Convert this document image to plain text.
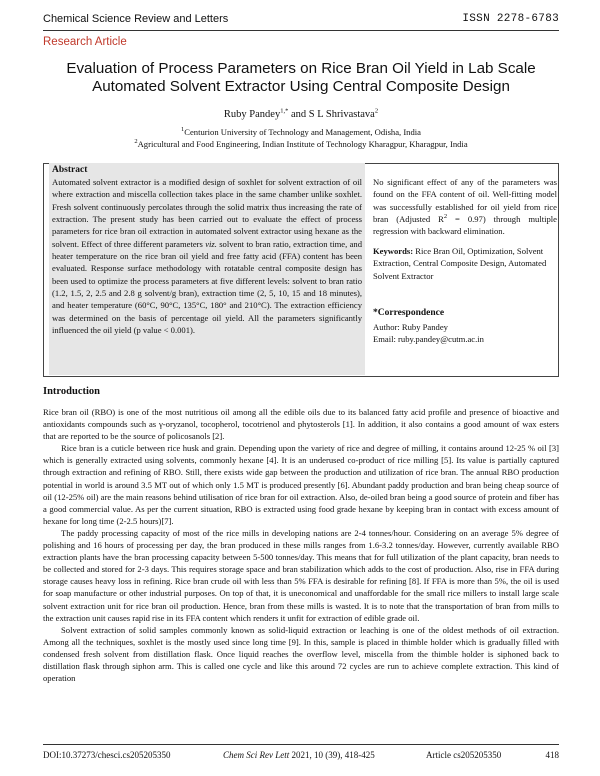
Chemical Science Review and Letters	ISSN 2278-6783
Research Article
Evaluation of Process Parameters on Rice Bran Oil Yield in Lab Scale Automated Solvent Extractor Using Central Composite Design
Ruby Pandey$^{1,*}$ and S L Shrivastava$^2$
$^1$Centurion University of Technology and Management, Odisha, India
$^2$Agricultural and Food Engineering, Indian Institute of Technology Kharagpur, Kharagpur, India
Abstract
Automated solvent extractor is a modified design of soxhlet for solvent extraction of oil where extraction and miscella collection takes place in the same chamber unlike soxhlet. Fresh solvent continuously percolates through the solid matrix thus increasing the rate of extraction. The present study has been carried out to evaluate the effect of process parameters for rice bran oil extraction in automated solvent extractor using hexane as the solvent. Effect of three different parameters viz. solvent to bran ratio, extraction time, and heater temperature on the rice bran oil yield and free fatty acid (FFA) content has been evaluated. Response surface methodology with rotatable central composite design has been used to optimize the process parameters at five different levels: solvent to bran ratio (1.2, 1.5, 2, 2.5 and 2.8 g solvent/g bran), extraction time (2, 5, 10, 15 and 18 minutes), and heater temperature (60°C, 90°C, 135°C, 180° and 210°C). The extraction efficiency was determined on the basis of percentage oil yield. All the parameters significantly influenced the oil yield (p value < 0.001).
No significant effect of any of the parameters was found on the FFA content of oil. Well-fitting model was successfully established for oil yield from rice bran (Adjusted $R^2 = 0.97$) through multiple regression with backward elimination.
Keywords: Rice Bran Oil, Optimization, Solvent Extraction, Central Composite Design, Automated Solvent Extractor
*Correspondence
Author: Ruby Pandey
Email: ruby.pandey@cutm.ac.in
Introduction

Rice bran oil (RBO) is one of the most nutritious oil among all the edible oils due to its balanced fatty acid profile and presence of bioactive and antioxidants compounds such as γ-oryzanol, tocopherol, tocotrienol and phytosterols [1]. In addition, it also contains a good amount of wax esters that are reported to be the source of policosanols [2].

Rice bran is a cuticle between rice husk and grain. Depending upon the variety of rice and degree of milling, it contains around 12-25 % oil [3] which is generally extracted using solvents, commonly hexane [4]. It is an underused co-product of rice milling [5]. Its value is partially captured through extraction and refining of RBO. Still, there exists wide gap between the production and utilization of rice bran. The annual RBO production potential in world is around 3.5 MT out of which only 1.5 MT is produced presently [6]. Abundant paddy production and bran being cheap source of oil (12-25% oil) are the main reasons behind utilisation of rice bran for oil extraction. Also, de-oiled bran being a good source of protein and fiber has a good commercial value. As per the current situation, RBO is extracted using food grade hexane by keeping bran in contact with excess amount of hexane for long time (2-2.5 hours)[7].

The paddy processing capacity of most of the rice mills in developing nations are 2-4 tonnes/hour. Considering on an average 5% degree of polishing and 16 hours of processing per day, the bran produced in these mills ranges from 1.6-3.2 tonnes/day. However, currently available RBO extraction plants have the bran processing capacity between 5-500 tonnes/day. This means that for full utilization of the plant capacity, bran needs to be collected and stored for 2-3 days. This requires storage space and bran stabilization which adds to the cost of production. Also, rise in FFA during storage causes heavy loss in refining. Rice bran crude oil with less than 5% FFA is desirable for refining [8]. If FFA is more than 5%, the oil is used for soap manufacture or other industrial purposes. On top of that, it is uneconomical and unaffordable for the small rice millers to install large scale solvent extraction unit for rice bran oil production. Hence, bran from these mills is wasted. It is to note that the transportation of bran from mills to the extraction unit causes rapid rise in its FFA content which renders it unfit for extraction of edible grade oil.

Solvent extraction of solid samples commonly known as solid-liquid extraction or leaching is one of the oldest methods of oil extraction. Among all the techniques, soxhlet is the mostly used since long time [9]. In this, sample is placed in thimble holder which is gradually filled with condensed fresh solvent from distillation flask. Once liquid reaches the overflow level, miscella from the thimble holder is siphoned back to distillation flask through siphon arm. This is called one cycle and like this around 72 cycles are run to achieve complete extraction. This kind of operation

DOI:10.37273/chesci.cs205205350	Chem Sci Rev Lett 2021, 10 (39), 418-425	Article cs205205350	418
